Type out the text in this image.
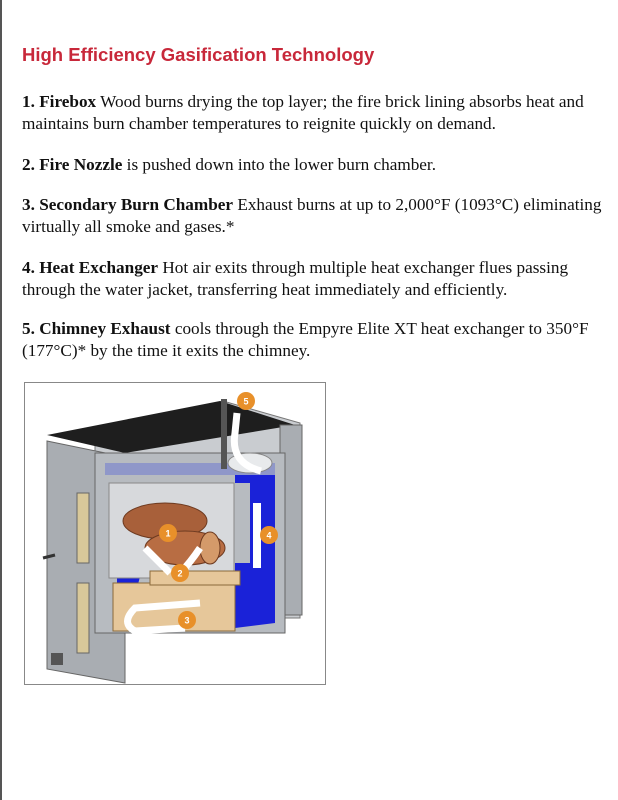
High Efficiency Gasification Technology

1. Firebox Wood burns drying the top layer; the fire brick lining absorbs heat and maintains burn chamber temperatures to reignite quickly on demand.

2. Fire Nozzle is pushed down into the lower burn chamber.

3. Secondary Burn Chamber Exhaust burns at up to 2,000°F (1093°C) eliminating virtually all smoke and gases.*

4. Heat Exchanger Hot air exits through multiple heat exchanger flues passing through the water jacket, transferring heat immediately and efficiently.

5. Chimney Exhaust cools through the Empyre Elite XT heat exchanger to 350°F (177°C)* by the time it exits the chimney.

1
2
3
4
5
